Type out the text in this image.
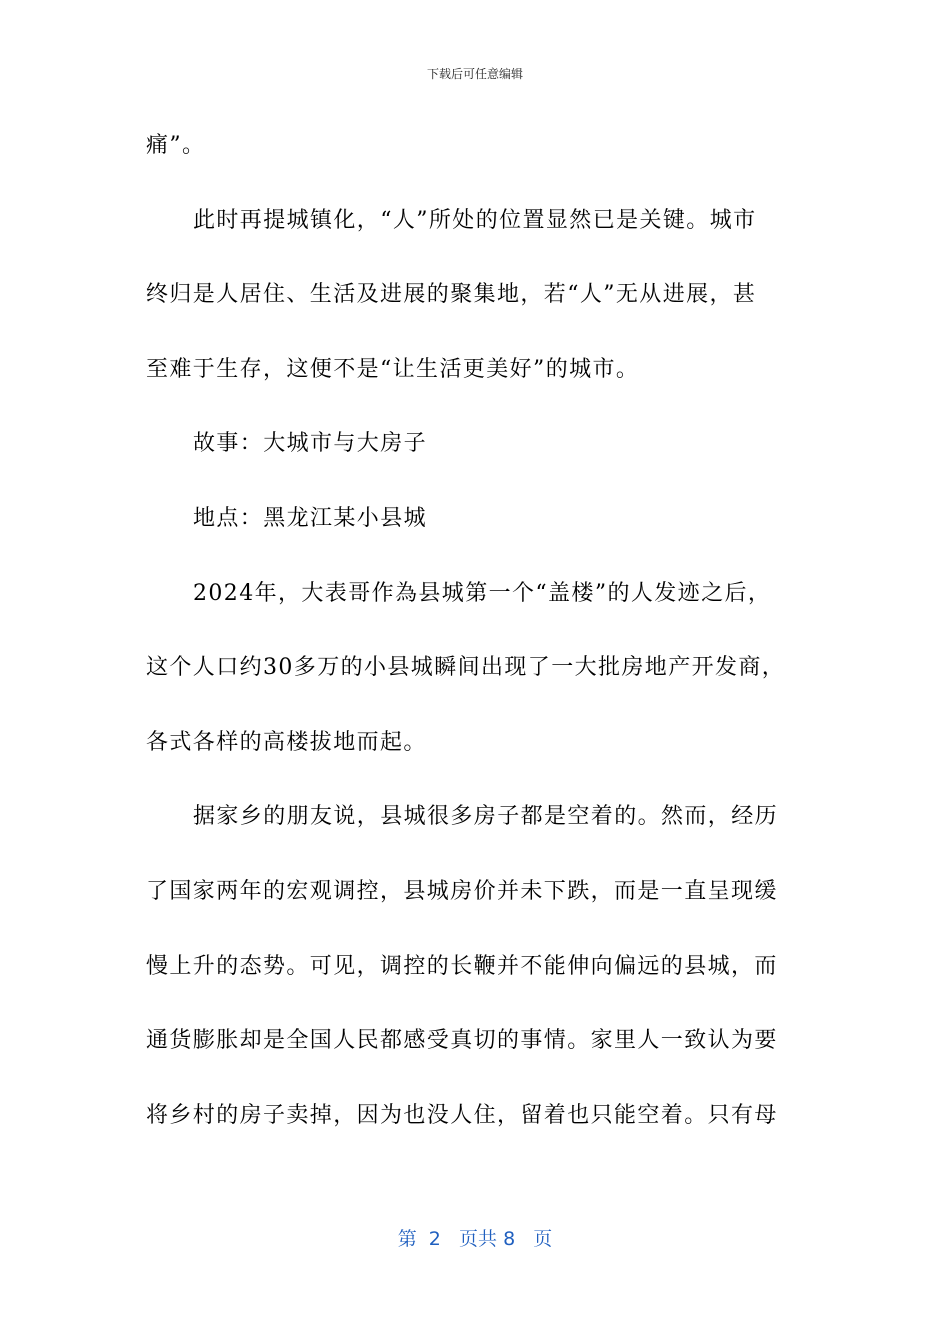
下载后可任意编辑
痛”。
此时再提城镇化，“人”所处的位置显然已是关键。城市
终归是人居住、生活及进展的聚集地，若“人”无从进展，甚
至难于生存，这便不是“让生活更美好”的城市。
故事：大城市与大房子
地点：黑龙江某小县城
2024年，大表哥作為县城第一个“盖楼”的人发迹之后，
这个人口约30多万的小县城瞬间出现了一大批房地产开发商，
各式各样的高楼拔地而起。
据家乡的朋友说，县城很多房子都是空着的。然而，经历
了国家两年的宏观调控，县城房价并未下跌，而是一直呈现缓
慢上升的态势。可见，调控的长鞭并不能伸向偏远的县城，而
通货膨胀却是全国人民都感受真切的事情。家里人一致认为要
将乡村的房子卖掉，因为也没人住，留着也只能空着。只有母
第 2 页共 8 页
